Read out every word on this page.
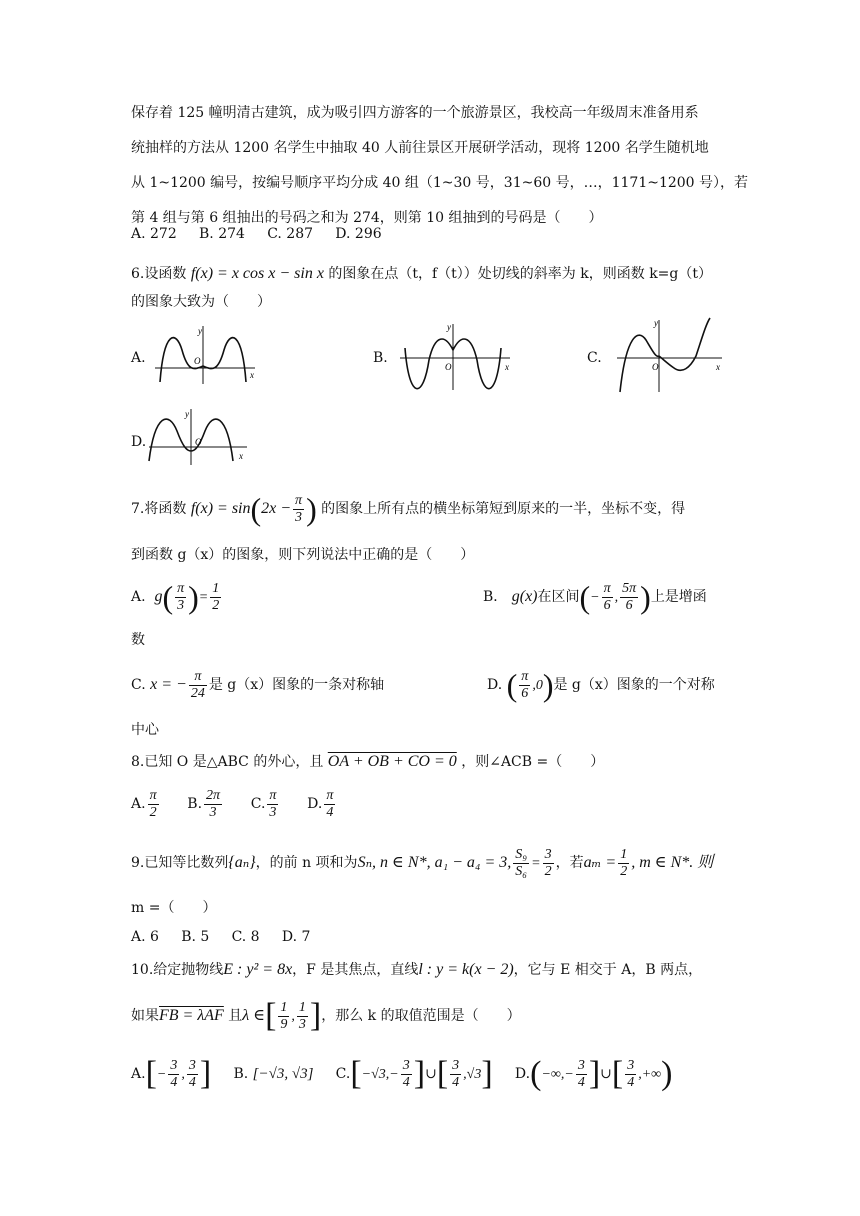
保存着 125 幢明清古建筑，成为吸引四方游客的一个旅游景区，我校高一年级周末准备用系
统抽样的方法从 1200 名学生中抽取 40 人前往景区开展研学活动，现将 1200 名学生随机地
从 1~1200 编号，按编号顺序平均分成 40 组（1~30 号，31~60 号，…，1171~1200 号），若
第 4 组与第 6 组抽出的号码之和为 274，则第 10 组抽到的号码是（　　）
A. 272 B. 274 C. 287 D. 296
6.设函数 f(x) = x cos x − sin x 的图象在点（t，f（t））处切线的斜率为 k，则函数 k=g（t）
的图象大致为（　　）
A.
y
O
x
B.
y
O	x
C.
y
O	x
D.
y
O
x
7.将函数 $f(x) = \sin(2x - \frac{\pi}{3}$ ) 的图象上所有点的横坐标第短到原来的一半，坐标不变，得
到函数 g（x）的图象，则下列说法中正确的是（　　）
A. $g( \frac{\pi}{3}$ )= $\frac{1}{2}$	B． g(x)在区间(− $\frac{\pi}{6}$ , $\frac{5\pi}{6}$ )上是增函
数
C. x = − $\frac{\pi}{24}$ 是 g（x）图象的一条对称轴	D. ( $\frac{\pi}{6} ,0$)是 g（x）图象的一个对称
中心
8.已知 O 是△ABC 的外心，且 OA + OB + CO = 0 ，则∠ACB =（　　）
A. $\frac{\pi}{2} B$. $\frac{2\pi}{3} C$. $\frac{\pi}{3} D$. $\frac{\pi}{4}$
9.已知等比数列{aₙ}，的前 n 项和为Sₙ, n ∈ N*, a₁ − a₄ = 3, $\frac{\text{S₉}}{\text{S₆}} = \frac{3}{2}$ ，若$a_m = \frac{1}{2}$ , m ∈ N*. 则
m =（　　）
A. 6 B. 5 C. 8 D. 7
10.给定抛物线E : y² = 8x，F 是其焦点，直线l : y = k(x − 2)，它与 E 相交于 A，B 两点，
如果FB = λAF 且λ ∈[ $\frac{1}{9}$ , $\frac{1}{3}$ ]，那么 k 的取值范围是（　　）
$A.[- \frac{3}{4}$ , $\frac{3}{4}$ ] B. [−√3, √3] $C.[-√3,- \frac{3}{4}$ ]∪[ $\frac{3}{4} ,√3$] $D.(-\infty,- \frac{3}{4}$ ]∪[ $\frac{3}{4}$ ,+∞)
